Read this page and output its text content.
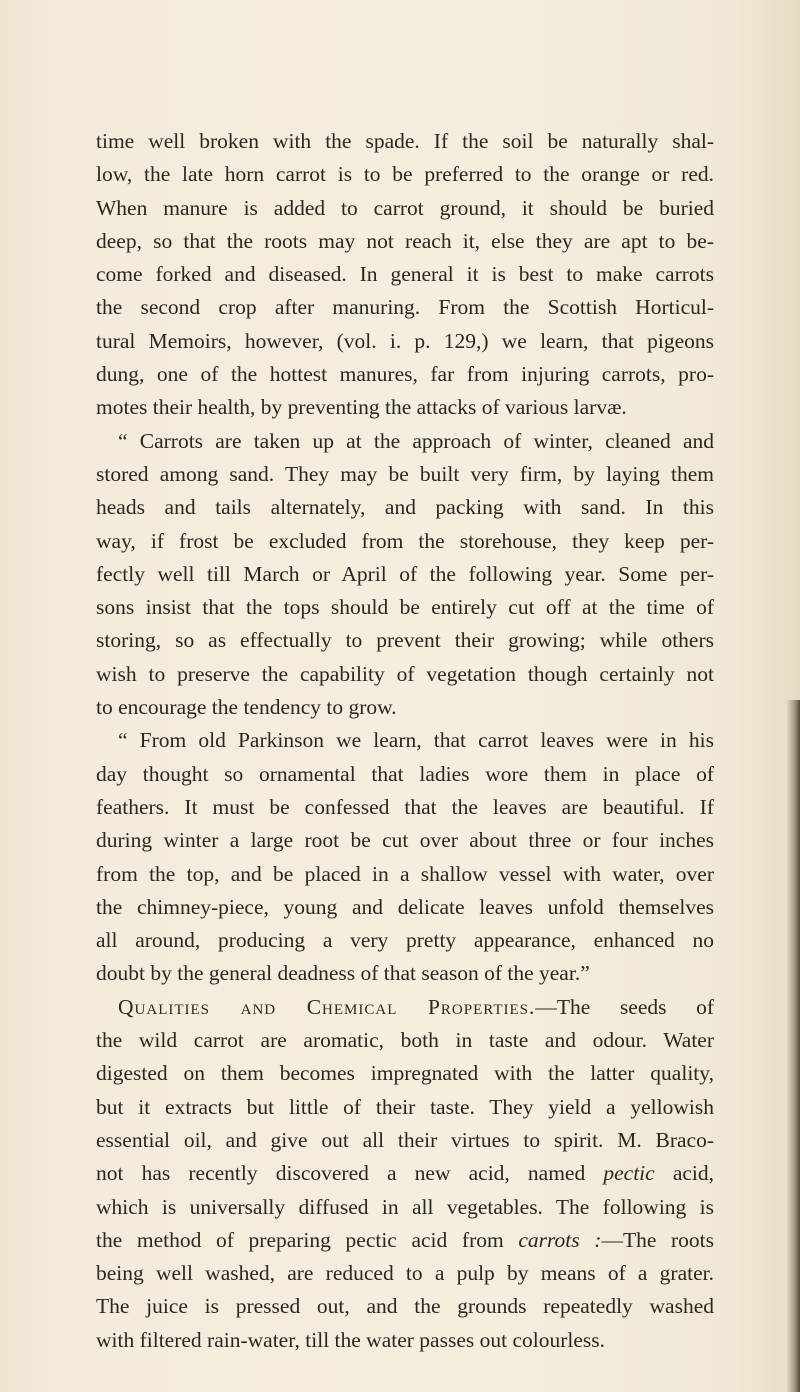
time well broken with the spade. If the soil be naturally shal-
low, the late horn carrot is to be preferred to the orange or red.
When manure is added to carrot ground, it should be buried
deep, so that the roots may not reach it, else they are apt to be-
come forked and diseased. In general it is best to make carrots
the second crop after manuring. From the Scottish Horticul-
tural Memoirs, however, (vol. i. p. 129,) we learn, that pigeons
dung, one of the hottest manures, far from injuring carrots, pro-
motes their health, by preventing the attacks of various larvæ.
“ Carrots are taken up at the approach of winter, cleaned and
stored among sand. They may be built very firm, by laying them
heads and tails alternately, and packing with sand. In this
way, if frost be excluded from the storehouse, they keep per-
fectly well till March or April of the following year. Some per-
sons insist that the tops should be entirely cut off at the time of
storing, so as effectually to prevent their growing; while others
wish to preserve the capability of vegetation though certainly not
to encourage the tendency to grow.
“ From old Parkinson we learn, that carrot leaves were in his
day thought so ornamental that ladies wore them in place of
feathers. It must be confessed that the leaves are beautiful. If
during winter a large root be cut over about three or four inches
from the top, and be placed in a shallow vessel with water, over
the chimney-piece, young and delicate leaves unfold themselves
all around, producing a very pretty appearance, enhanced no
doubt by the general deadness of that season of the year.”
Qualities and Chemical Properties.—The seeds of
the wild carrot are aromatic, both in taste and odour. Water
digested on them becomes impregnated with the latter quality,
but it extracts but little of their taste. They yield a yellowish
essential oil, and give out all their virtues to spirit. M. Braco-
not has recently discovered a new acid, named pectic acid,
which is universally diffused in all vegetables. The following is
the method of preparing pectic acid from carrots :—The roots
being well washed, are reduced to a pulp by means of a grater.
The juice is pressed out, and the grounds repeatedly washed
with filtered rain-water, till the water passes out colourless.
